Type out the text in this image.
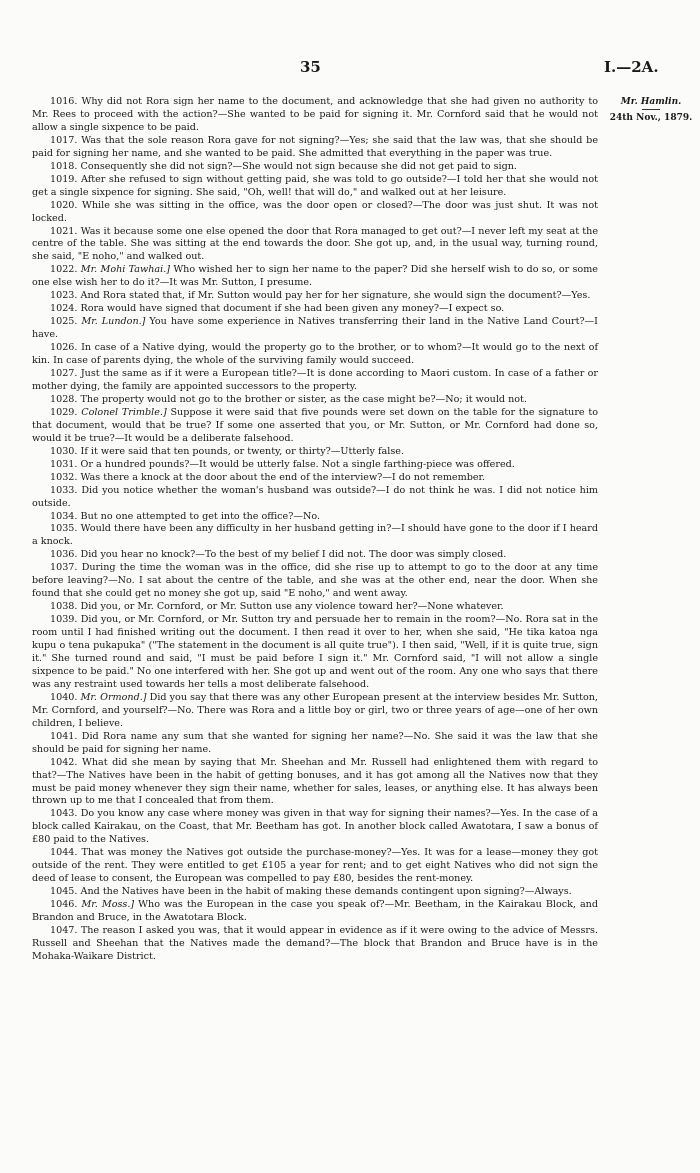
35	I.—2A.
Mr. Hamlin.
24th Nov., 1879.

1016. Why did not Rora sign her name to the document, and acknowledge that she had given no authority to Mr. Rees to proceed with the action?—She wanted to be paid for signing it. Mr. Cornford said that he would not allow a single sixpence to be paid.

1017. Was that the sole reason Rora gave for not signing?—Yes; she said that the law was, that she should be paid for signing her name, and she wanted to be paid. She admitted that everything in the paper was true.

1018. Consequently she did not sign?—She would not sign because she did not get paid to sign.

1019. After she refused to sign without getting paid, she was told to go outside?—I told her that she would not get a single sixpence for signing. She said, "Oh, well! that will do," and walked out at her leisure.

1020. While she was sitting in the office, was the door open or closed?—The door was just shut. It was not locked.

1021. Was it because some one else opened the door that Rora managed to get out?—I never left my seat at the centre of the table. She was sitting at the end towards the door. She got up, and, in the usual way, turning round, she said, "E noho," and walked out.

1022. Mr. Mohi Tawhai.] Who wished her to sign her name to the paper? Did she herself wish to do so, or some one else wish her to do it?—It was Mr. Sutton, I presume.

1023. And Rora stated that, if Mr. Sutton would pay her for her signature, she would sign the document?—Yes.

1024. Rora would have signed that document if she had been given any money?—I expect so.

1025. Mr. Lundon.] You have some experience in Natives transferring their land in the Native Land Court?—I have.

1026. In case of a Native dying, would the property go to the brother, or to whom?—It would go to the next of kin. In case of parents dying, the whole of the surviving family would succeed.

1027. Just the same as if it were a European title?—It is done according to Maori custom. In case of a father or mother dying, the family are appointed successors to the property.

1028. The property would not go to the brother or sister, as the case might be?—No; it would not.

1029. Colonel Trimble.] Suppose it were said that five pounds were set down on the table for the signature to that document, would that be true? If some one asserted that you, or Mr. Sutton, or Mr. Cornford had done so, would it be true?—It would be a deliberate falsehood.

1030. If it were said that ten pounds, or twenty, or thirty?—Utterly false.

1031. Or a hundred pounds?—It would be utterly false. Not a single farthing-piece was offered.

1032. Was there a knock at the door about the end of the interview?—I do not remember.

1033. Did you notice whether the woman's husband was outside?—I do not think he was. I did not notice him outside.

1034. But no one attempted to get into the office?—No.

1035. Would there have been any difficulty in her husband getting in?—I should have gone to the door if I heard a knock.

1036. Did you hear no knock?—To the best of my belief I did not. The door was simply closed.

1037. During the time the woman was in the office, did she rise up to attempt to go to the door at any time before leaving?—No. I sat about the centre of the table, and she was at the other end, near the door. When she found that she could get no money she got up, said "E noho," and went away.

1038. Did you, or Mr. Cornford, or Mr. Sutton use any violence toward her?—None whatever.

1039. Did you, or Mr. Cornford, or Mr. Sutton try and persuade her to remain in the room?—No. Rora sat in the room until I had finished writing out the document. I then read it over to her, when she said, "He tika katoa nga kupu o tena pukapuka" ("The statement in the document is all quite true"). I then said, "Well, if it is quite true, sign it." She turned round and said, "I must be paid before I sign it." Mr. Cornford said, "I will not allow a single sixpence to be paid." No one interfered with her. She got up and went out of the room. Any one who says that there was any restraint used towards her tells a most deliberate falsehood.

1040. Mr. Ormond.] Did you say that there was any other European present at the interview besides Mr. Sutton, Mr. Cornford, and yourself?—No. There was Rora and a little boy or girl, two or three years of age—one of her own children, I believe.

1041. Did Rora name any sum that she wanted for signing her name?—No. She said it was the law that she should be paid for signing her name.

1042. What did she mean by saying that Mr. Sheehan and Mr. Russell had enlightened them with regard to that?—The Natives have been in the habit of getting bonuses, and it has got among all the Natives now that they must be paid money whenever they sign their name, whether for sales, leases, or anything else. It has always been thrown up to me that I concealed that from them.

1043. Do you know any case where money was given in that way for signing their names?—Yes. In the case of a block called Kairakau, on the Coast, that Mr. Beetham has got. In another block called Awatotara, I saw a bonus of £80 paid to the Natives.

1044. That was money the Natives got outside the purchase-money?—Yes. It was for a lease—money they got outside of the rent. They were entitled to get £105 a year for rent; and to get eight Natives who did not sign the deed of lease to consent, the European was compelled to pay £80, besides the rent-money.

1045. And the Natives have been in the habit of making these demands contingent upon signing?—Always.

1046. Mr. Moss.] Who was the European in the case you speak of?—Mr. Beetham, in the Kairakau Block, and Brandon and Bruce, in the Awatotara Block.

1047. The reason I asked you was, that it would appear in evidence as if it were owing to the advice of Messrs. Russell and Sheehan that the Natives made the demand?—The block that Brandon and Bruce have is in the Mohaka-Waikare District.
